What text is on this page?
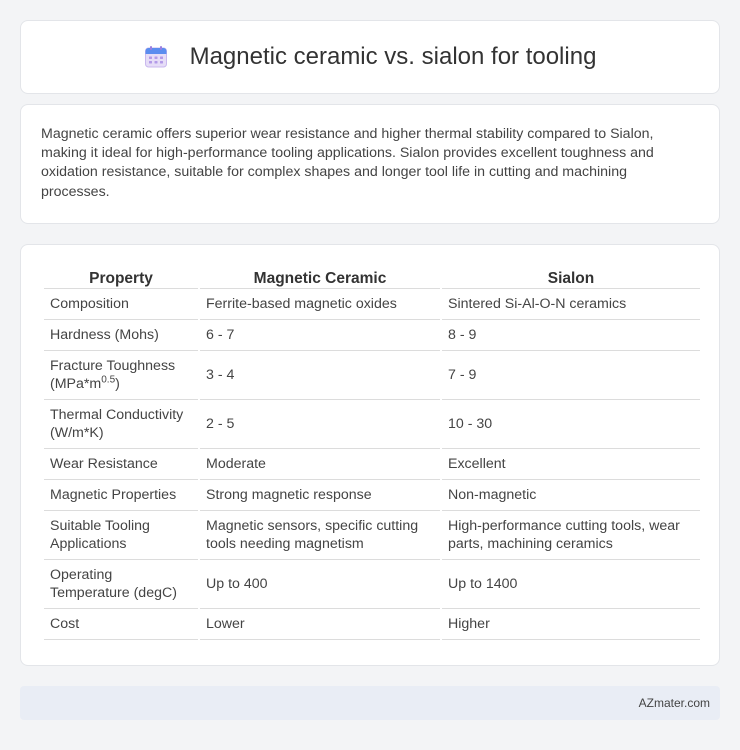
Magnetic ceramic vs. sialon for tooling

Magnetic ceramic offers superior wear resistance and higher thermal stability compared to Sialon, making it ideal for high-performance tooling applications. Sialon provides excellent toughness and oxidation resistance, suitable for complex shapes and longer tool life in cutting and machining processes.

Property	Magnetic Ceramic	Sialon
Composition	Ferrite-based magnetic oxides	Sintered Si-Al-O-N ceramics
Hardness (Mohs)	6 - 7	8 - 9
Fracture Toughness $(MPa*m^{0.5})$	3 - 4	7 - 9
Thermal Conductivity (W/m*K)	2 - 5	10 - 30
Wear Resistance	Moderate	Excellent
Magnetic Properties	Strong magnetic response	Non-magnetic
Suitable Tooling Applications	Magnetic sensors, specific cutting tools needing magnetism	High-performance cutting tools, wear parts, machining ceramics
Operating Temperature (degC)	Up to 400	Up to 1400
Cost	Lower	Higher
AZmater.com
